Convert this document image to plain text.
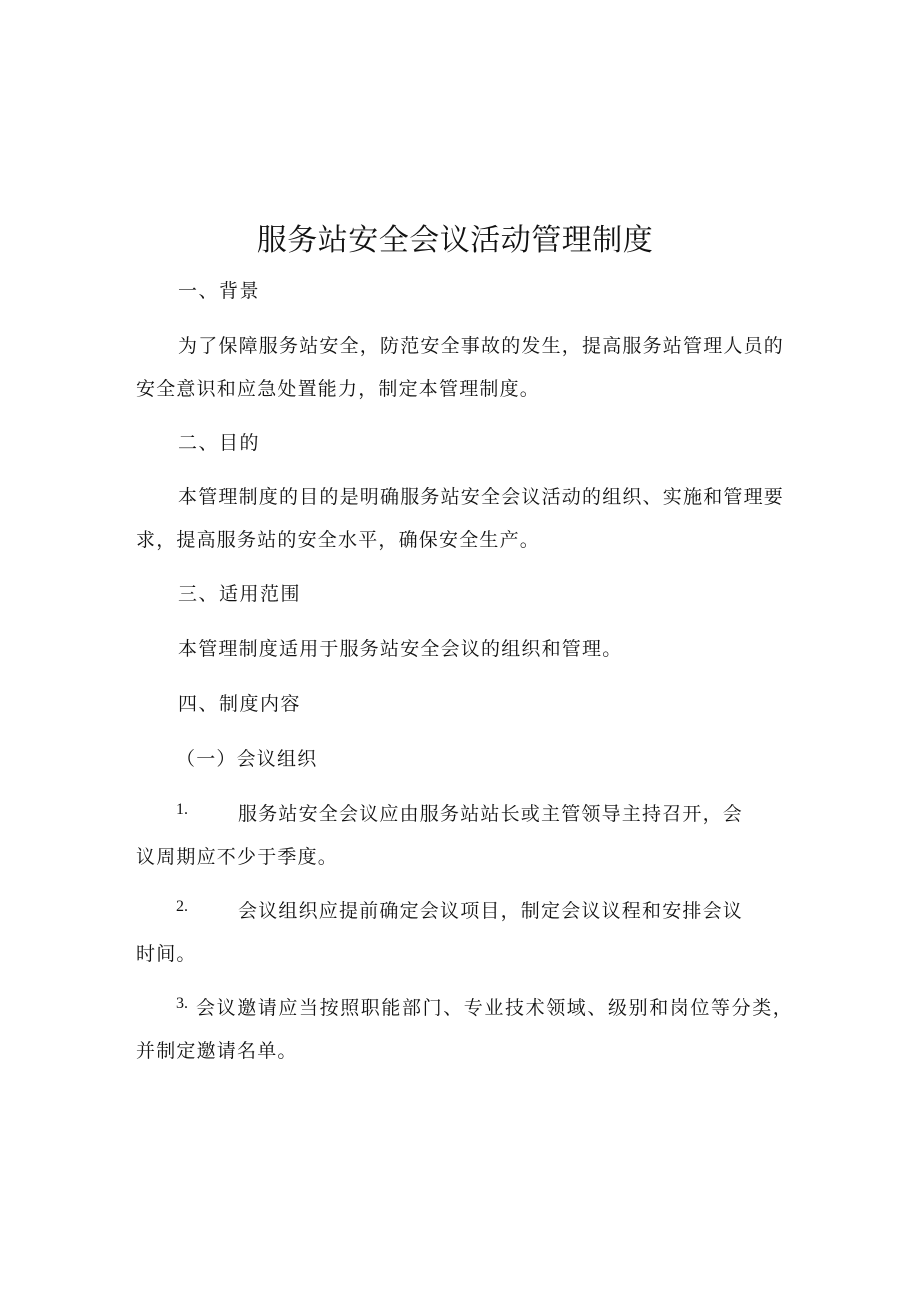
服务站安全会议活动管理制度
一、背景
为了保障服务站安全，防范安全事故的发生，提高服务站管理人员的
安全意识和应急处置能力，制定本管理制度。
二、目的
本管理制度的目的是明确服务站安全会议活动的组织、实施和管理要
求，提高服务站的安全水平，确保安全生产。
三、适用范围
本管理制度适用于服务站安全会议的组织和管理。
四、制度内容
（一）会议组织
1.	服务站安全会议应由服务站站长或主管领导主持召开，会
议周期应不少于季度。
2.	会议组织应提前确定会议项目，制定会议议程和安排会议
时间。
3. 会议邀请应当按照职能部门、专业技术领域、级别和岗位等分类，
并制定邀请名单。
